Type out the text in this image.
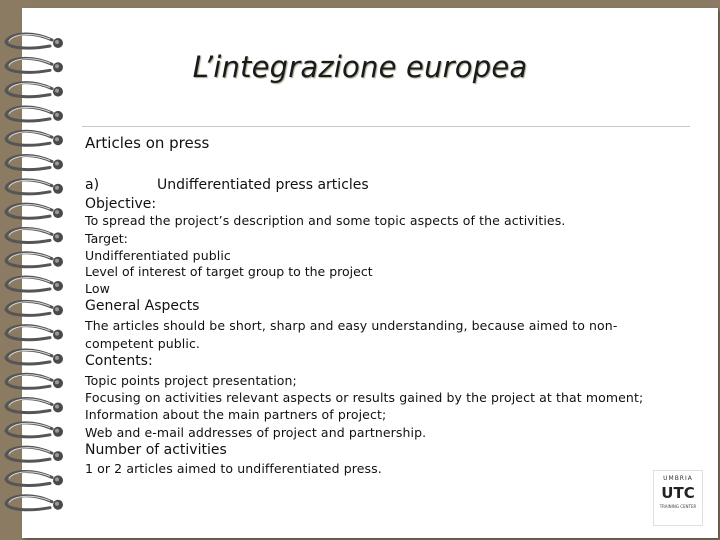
L’integrazione europea
Articles on press
a)	Undifferentiated press articles
Objective:
To spread the project’s description and some topic aspects of the activities.
Target:
Undifferentiated public
Level of interest of target group to the project
Low
General Aspects
The articles should be short, sharp and easy understanding, because aimed to non-
competent public.
Contents:
Topic points project presentation;
Focusing on activities relevant aspects or results gained by the project at that moment;
Information about the main partners of project;
Web and e-mail addresses of project and partnership.
Number of activities
1 or 2 articles aimed to undifferentiated press.
UMBRIA
UTC
TRAINING CENTER
